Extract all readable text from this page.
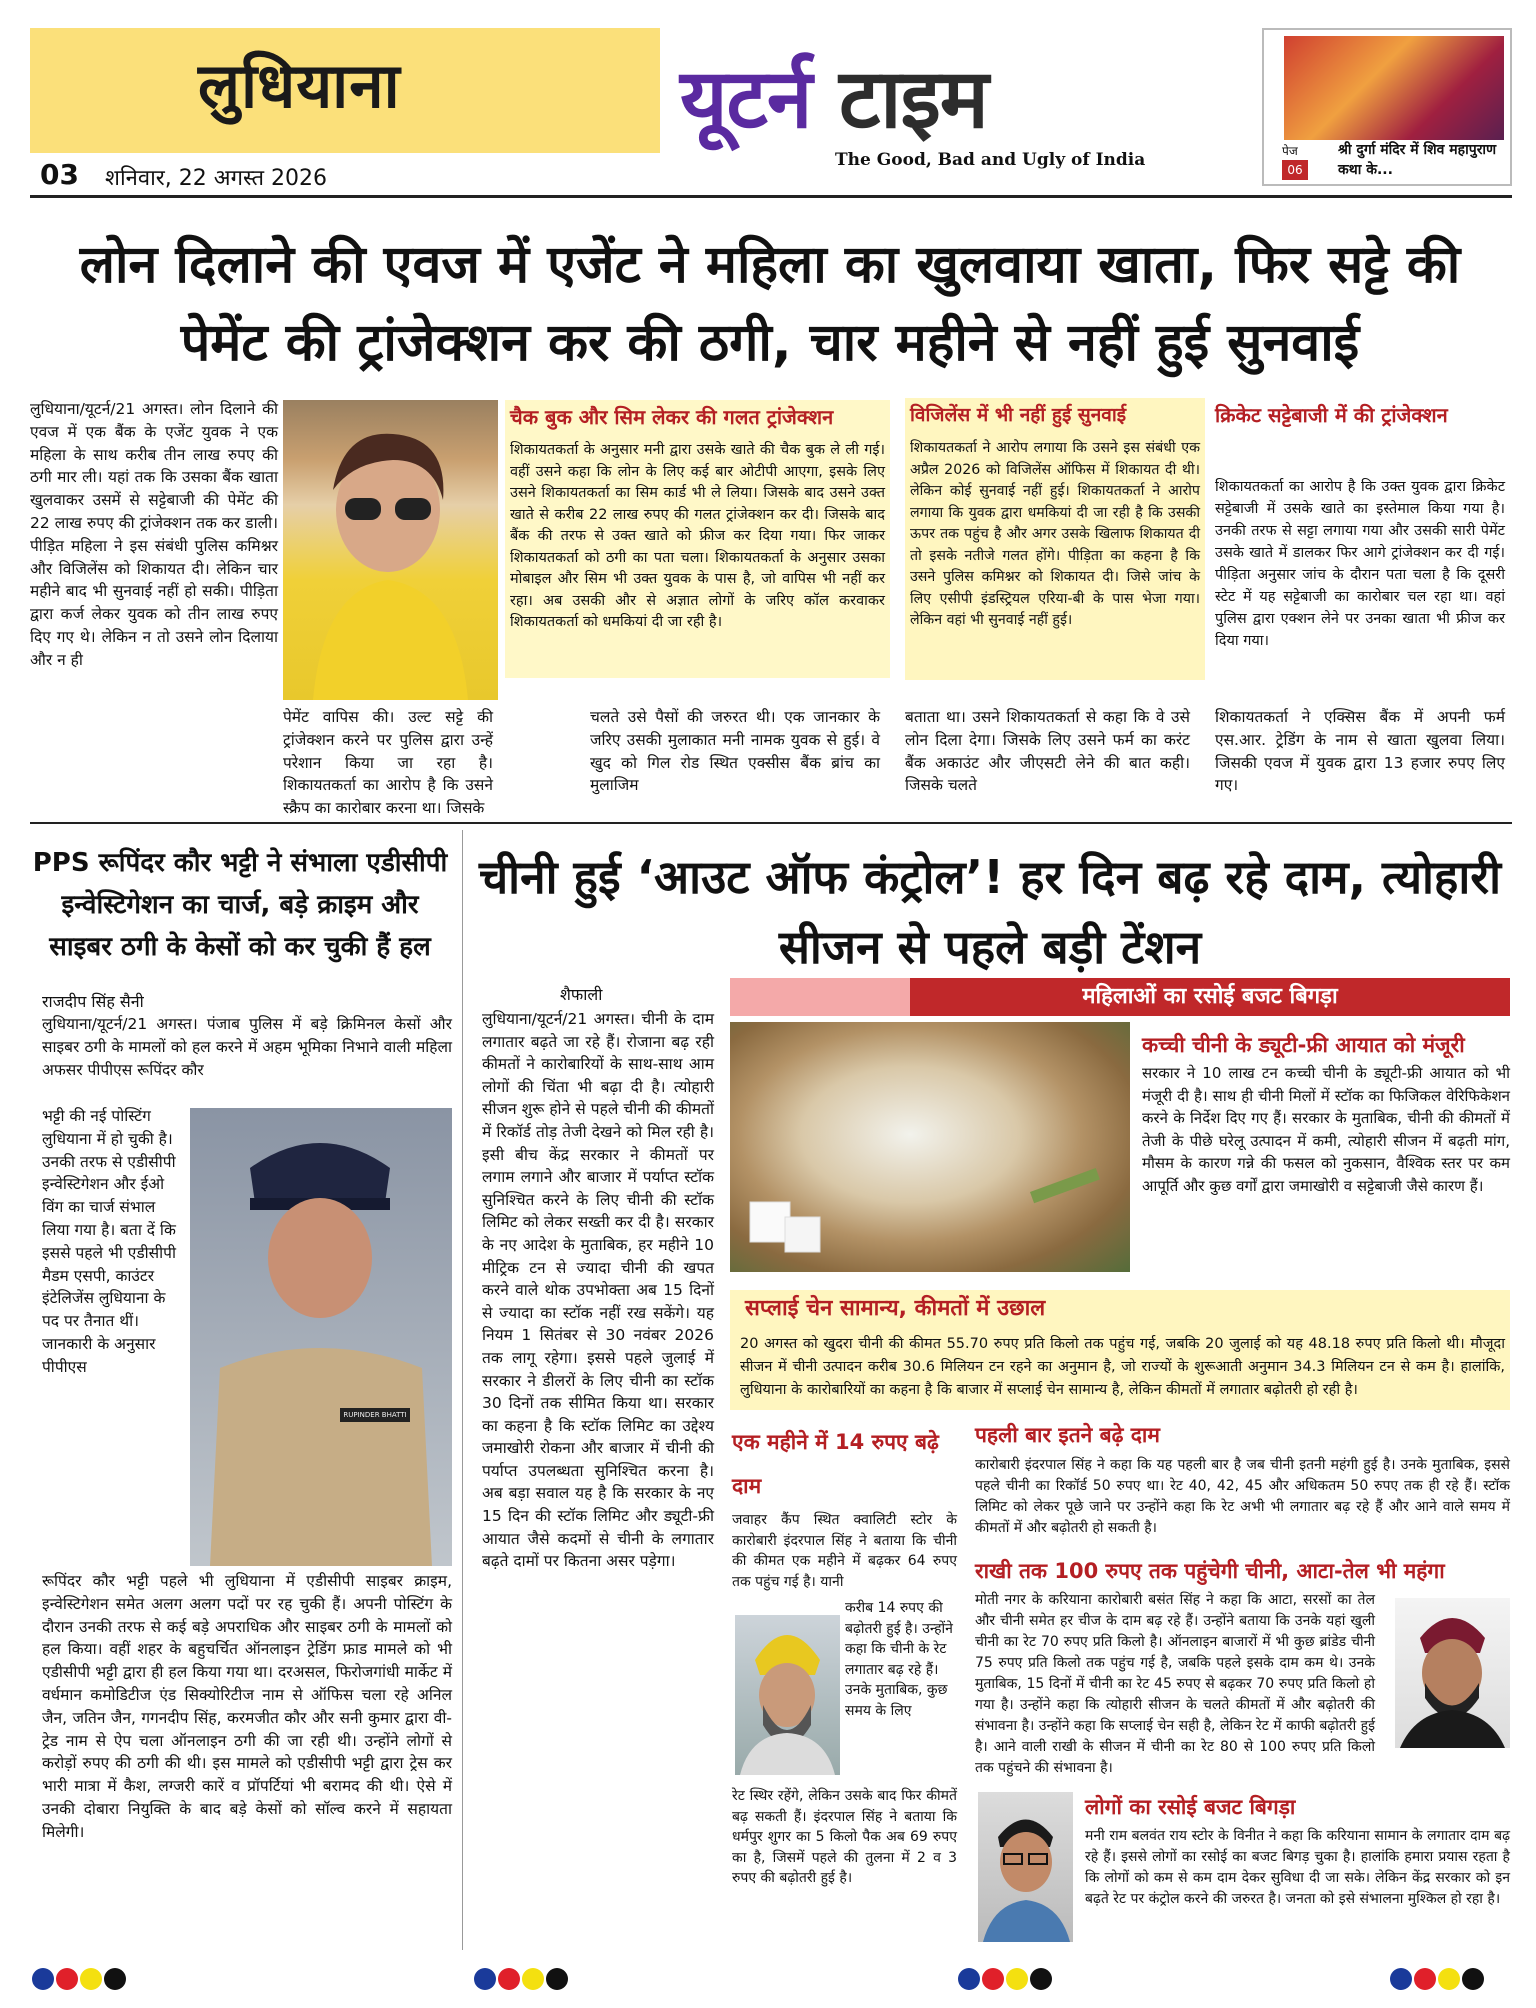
लुधियाना	यूटर्न टाइम
The Good, Bad and Ugly of India
03 शनिवार, 22 अगस्त 2026
पेज
06
श्री दुर्गा मंदिर में शिव महापुराण कथा के...
लोन दिलाने की एवज में एजेंट ने महिला का खुलवाया खाता, फिर सट्टे की पेमेंट की ट्रांजेक्शन कर की ठगी, चार महीने से नहीं हुई सुनवाई
लुधियाना/यूटर्न/21 अगस्त। लोन दिलाने की एवज में एक बैंक के एजेंट युवक ने एक महिला के साथ करीब तीन लाख रुपए की ठगी मार ली। यहां तक कि उसका बैंक खाता खुलवाकर उसमें से सट्टेबाजी की पेमेंट की 22 लाख रुपए की ट्रांजेक्शन तक कर डाली। पीड़ित महिला ने इस संबंधी पुलिस कमिश्नर और विजिलेंस को शिकायत दी। लेकिन चार महीने बाद भी सुनवाई नहीं हो सकी। पीड़िता द्वारा कर्ज लेकर युवक को तीन लाख रुपए दिए गए थे। लेकिन न तो उसने लोन दिलाया और न ही
चैक बुक और सिम लेकर की गलत ट्रांजेक्शन
शिकायतकर्ता के अनुसार मनी द्वारा उसके खाते की चैक बुक ले ली गई। वहीं उसने कहा कि लोन के लिए कई बार ओटीपी आएगा, इसके लिए उसने शिकायतकर्ता का सिम कार्ड भी ले लिया। जिसके बाद उसने उक्त खाते से करीब 22 लाख रुपए की गलत ट्रांजेक्शन कर दी। जिसके बाद बैंक की तरफ से उक्त खाते को फ्रीज कर दिया गया। फिर जाकर शिकायतकर्ता को ठगी का पता चला। शिकायतकर्ता के अनुसार उसका मोबाइल और सिम भी उक्त युवक के पास है, जो वापिस भी नहीं कर रहा। अब उसकी और से अज्ञात लोगों के जरिए कॉल करवाकर शिकायतकर्ता को धमकियां दी जा रही है।
विजिलेंस में भी नहीं हुई सुनवाई
शिकायतकर्ता ने आरोप लगाया कि उसने इस संबंधी एक अप्रैल 2026 को विजिलेंस ऑफिस में शिकायत दी थी। लेकिन कोई सुनवाई नहीं हुई। शिकायतकर्ता ने आरोप लगाया कि युवक द्वारा धमकियां दी जा रही है कि उसकी ऊपर तक पहुंच है और अगर उसके खिलाफ शिकायत दी तो इसके नतीजे गलत होंगे। पीड़िता का कहना है कि उसने पुलिस कमिश्नर को शिकायत दी। जिसे जांच के लिए एसीपी इंडस्ट्रियल एरिया-बी के पास भेजा गया। लेकिन वहां भी सुनवाई नहीं हुई।
क्रिकेट सट्टेबाजी में की ट्रांजेक्शन
शिकायतकर्ता का आरोप है कि उक्त युवक द्वारा क्रिकेट सट्टेबाजी में उसके खाते का इस्तेमाल किया गया है। उनकी तरफ से सट्टा लगाया गया और उसकी सारी पेमेंट उसके खाते में डालकर फिर आगे ट्रांजेक्शन कर दी गई। पीड़िता अनुसार जांच के दौरान पता चला है कि दूसरी स्टेट में यह सट्टेबाजी का कारोबार चल रहा था। वहां पुलिस द्वारा एक्शन लेने पर उनका खाता भी फ्रीज कर दिया गया।
पेमेंट वापिस की। उल्ट सट्टे की ट्रांजेक्शन करने पर पुलिस द्वारा उन्हें परेशान किया जा रहा है। शिकायतकर्ता का आरोप है कि उसने स्क्रैप का कारोबार करना था। जिसके
चलते उसे पैसों की जरुरत थी। एक जानकार के जरिए उसकी मुलाकात मनी नामक युवक से हुई। वे खुद को गिल रोड स्थित एक्सीस बैंक ब्रांच का मुलाजिम
बताता था। उसने शिकायतकर्ता से कहा कि वे उसे लोन दिला देगा। जिसके लिए उसने फर्म का करंट बैंक अकाउंट और जीएसटी लेने की बात कही। जिसके चलते
शिकायतकर्ता ने एक्सिस बैंक में अपनी फर्म एस.आर. ट्रेडिंग के नाम से खाता खुलवा लिया। जिसकी एवज में युवक द्वारा 13 हजार रुपए लिए गए।
PPS रूपिंदर कौर भट्टी ने संभाला एडीसीपी इन्वेस्टिगेशन का चार्ज, बड़े क्राइम और साइबर ठगी के केसों को कर चुकी हैं हल
राजदीप सिंह सैनी
लुधियाना/यूटर्न/21 अगस्त। पंजाब पुलिस में बड़े क्रिमिनल केसों और साइबर ठगी के मामलों को हल करने में अहम भूमिका निभाने वाली महिला अफसर पीपीएस रूपिंदर कौर
भट्टी की नई पोस्टिंग लुधियाना में हो चुकी है। उनकी तरफ से एडीसीपी इन्वेस्टिगेशन और ईओ विंग का चार्ज संभाल लिया गया है। बता दें कि इससे पहले भी एडीसीपी मैडम एसपी, काउंटर इंटेलिजेंस लुधियाना के पद पर तैनात थीं। जानकारी के अनुसार पीपीएस
RUPINDER BHATTI
रूपिंदर कौर भट्टी पहले भी लुधियाना में एडीसीपी साइबर क्राइम, इन्वेस्टिगेशन समेत अलग अलग पदों पर रह चुकी हैं। अपनी पोस्टिंग के दौरान उनकी तरफ से कई बड़े अपराधिक और साइबर ठगी के मामलों को हल किया। वहीं शहर के बहुचर्चित ऑनलाइन ट्रेडिंग फ्राड मामले को भी एडीसीपी भट्टी द्वारा ही हल किया गया था। दरअसल, फिरोजगांधी मार्केट में वर्धमान कमोडिटीज एंड सिक्योरिटीज नाम से ऑफिस चला रहे अनिल जैन, जतिन जैन, गगनदीप सिंह, करमजीत कौर और सनी कुमार द्वारा वी-ट्रेड नाम से ऐप चला ऑनलाइन ठगी की जा रही थी। उन्होंने लोगों से करोड़ों रुपए की ठगी की थी। इस मामले को एडीसीपी भट्टी द्वारा ट्रेस कर भारी मात्रा में कैश, लग्जरी कारें व प्रॉपर्टियां भी बरामद की थी। ऐसे में उनकी दोबारा नियुक्ति के बाद बड़े केसों को सॉल्व करने में सहायता मिलेगी।
चीनी हुई ‘आउट ऑफ कंट्रोल’! हर दिन बढ़ रहे दाम, त्योहारी सीजन से पहले बड़ी टेंशन
शैफाली
लुधियाना/यूटर्न/21 अगस्त। चीनी के दाम लगातार बढ़ते जा रहे हैं। रोजाना बढ़ रही कीमतों ने कारोबारियों के साथ-साथ आम लोगों की चिंता भी बढ़ा दी है। त्योहारी सीजन शुरू होने से पहले चीनी की कीमतों में रिकॉर्ड तोड़ तेजी देखने को मिल रही है। इसी बीच केंद्र सरकार ने कीमतों पर लगाम लगाने और बाजार में पर्याप्त स्टॉक सुनिश्चित करने के लिए चीनी की स्टॉक लिमिट को लेकर सख्ती कर दी है। सरकार के नए आदेश के मुताबिक, हर महीने 10 मीट्रिक टन से ज्यादा चीनी की खपत करने वाले थोक उपभोक्ता अब 15 दिनों से ज्यादा का स्टॉक नहीं रख सकेंगे। यह नियम 1 सितंबर से 30 नवंबर 2026 तक लागू रहेगा। इससे पहले जुलाई में सरकार ने डीलरों के लिए चीनी का स्टॉक 30 दिनों तक सीमित किया था। सरकार का कहना है कि स्टॉक लिमिट का उद्देश्य जमाखोरी रोकना और बाजार में चीनी की पर्याप्त उपलब्धता सुनिश्चित करना है। अब बड़ा सवाल यह है कि सरकार के नए 15 दिन की स्टॉक लिमिट और ड्यूटी-फ्री आयात जैसे कदमों से चीनी के लगातार बढ़ते दामों पर कितना असर पड़ेगा।
महिलाओं का रसोई बजट बिगड़ा
कच्ची चीनी के ड्यूटी-फ्री आयात को मंजूरी
सरकार ने 10 लाख टन कच्ची चीनी के ड्यूटी-फ्री आयात को भी मंजूरी दी है। साथ ही चीनी मिलों में स्टॉक का फिजिकल वेरिफिकेशन करने के निर्देश दिए गए हैं। सरकार के मुताबिक, चीनी की कीमतों में तेजी के पीछे घरेलू उत्पादन में कमी, त्योहारी सीजन में बढ़ती मांग, मौसम के कारण गन्ने की फसल को नुकसान, वैश्विक स्तर पर कम आपूर्ति और कुछ वर्गों द्वारा जमाखोरी व सट्टेबाजी जैसे कारण हैं।
सप्लाई चेन सामान्य, कीमतों में उछाल
20 अगस्त को खुदरा चीनी की कीमत 55.70 रुपए प्रति किलो तक पहुंच गई, जबकि 20 जुलाई को यह 48.18 रुपए प्रति किलो थी। मौजूदा सीजन में चीनी उत्पादन करीब 30.6 मिलियन टन रहने का अनुमान है, जो राज्यों के शुरूआती अनुमान 34.3 मिलियन टन से कम है। हालांकि, लुधियाना के कारोबारियों का कहना है कि बाजार में सप्लाई चेन सामान्य है, लेकिन कीमतों में लगातार बढ़ोतरी हो रही है।
एक महीने में 14 रुपए बढ़े दाम
जवाहर कैंप स्थित क्वालिटी स्टोर के कारोबारी इंदरपाल सिंह ने बताया कि चीनी की कीमत एक महीने में बढ़कर 64 रुपए तक पहुंच गई है। यानी
करीब 14 रुपए की बढ़ोतरी हुई है। उन्होंने कहा कि चीनी के रेट लगातार बढ़ रहे हैं। उनके मुताबिक, कुछ समय के लिए
रेट स्थिर रहेंगे, लेकिन उसके बाद फिर कीमतें बढ़ सकती हैं। इंदरपाल सिंह ने बताया कि धर्मपुर शुगर का 5 किलो पैक अब 69 रुपए का है, जिसमें पहले की तुलना में 2 व 3 रुपए की बढ़ोतरी हुई है।
पहली बार इतने बढ़े दाम
कारोबारी इंदरपाल सिंह ने कहा कि यह पहली बार है जब चीनी इतनी महंगी हुई है। उनके मुताबिक, इससे पहले चीनी का रिकॉर्ड 50 रुपए था। रेट 40, 42, 45 और अधिकतम 50 रुपए तक ही रहे हैं। स्टॉक लिमिट को लेकर पूछे जाने पर उन्होंने कहा कि रेट अभी भी लगातार बढ़ रहे हैं और आने वाले समय में कीमतों में और बढ़ोतरी हो सकती है।
राखी तक 100 रुपए तक पहुंचेगी चीनी, आटा-तेल भी महंगा
मोती नगर के करियाना कारोबारी बसंत सिंह ने कहा कि आटा, सरसों का तेल और चीनी समेत हर चीज के दाम बढ़ रहे हैं। उन्होंने बताया कि उनके यहां खुली चीनी का रेट 70 रुपए प्रति किलो है। ऑनलाइन बाजारों में भी कुछ ब्रांडेड चीनी 75 रुपए प्रति किलो तक पहुंच गई है, जबकि पहले इसके दाम कम थे। उनके मुताबिक, 15 दिनों में चीनी का रेट 45 रुपए से बढ़कर 70 रुपए प्रति किलो हो गया है। उन्होंने कहा कि त्योहारी सीजन के चलते कीमतों में और बढ़ोतरी की संभावना है। उन्होंने कहा कि सप्लाई चेन सही है, लेकिन रेट में काफी बढ़ोतरी हुई है। आने वाली राखी के सीजन में चीनी का रेट 80 से 100 रुपए प्रति किलो तक पहुंचने की संभावना है।
लोगों का रसोई बजट बिगड़ा
मनी राम बलवंत राय स्टोर के विनीत ने कहा कि करियाना सामान के लगातार दाम बढ़ रहे हैं। इससे लोगों का रसोई का बजट बिगड़ चुका है। हालांकि हमारा प्रयास रहता है कि लोगों को कम से कम दाम देकर सुविधा दी जा सके। लेकिन केंद्र सरकार को इन बढ़ते रेट पर कंट्रोल करने की जरुरत है। जनता को इसे संभालना मुश्किल हो रहा है।
